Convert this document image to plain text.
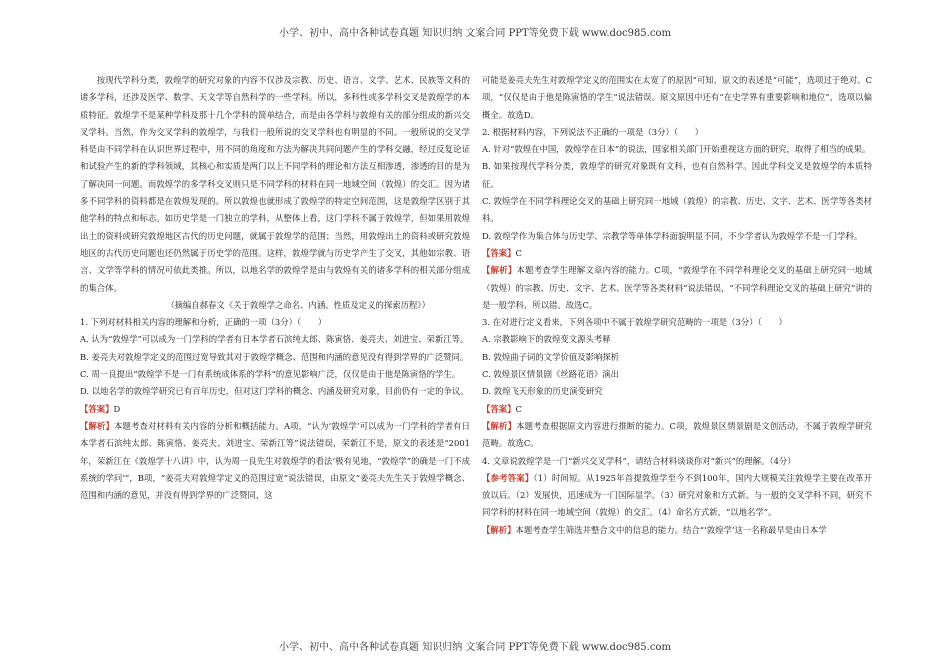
小学、初中、高中各种试卷真题 知识归纳 文案合同 PPT等免费下载 www.doc985.com

按现代学科分类，敦煌学的研究对象的内容不仅涉及宗教、历史、语言、文学、艺术、民族等文科的诸多学科，还涉及医学、数学、天文学等自然科学的一些学科。所以，多科性或多学科交叉是敦煌学的本质特征。敦煌学不是某种学科及那十几个学科的简单结合，而是由各学科与敦煌有关的部分组成的新兴交叉学科。当然，作为交叉学科的敦煌学，与我们一般所说的交叉学科也有明显的不同。一般所说的交叉学科是由不同学科在认识世界过程中，用不同的角度和方法为解决共同问题产生的学科交融，经过反复论证和试验产生的新的学科领域，其核心和实质是两门以上不同学科的理论和方法互相渗透，渗透的目的是为了解决同一问题。而敦煌学的多学科交叉则只是不同学科的材料在同一地域空间（敦煌）的交汇。因为诸多不同学科的资料都是在敦煌发现的。所以敦煌也就形成了敦煌学的特定空间范围，这是敦煌学区别于其他学科的特点和标志。如历史学是一门独立的学科，从整体上看，这门学科不属于敦煌学，但如果用敦煌出土的资料或研究敦煌地区古代的历史问题，就属于敦煌学的范围；当然，用敦煌出土的资料或研究敦煌地区的古代历史问题也还仍然属于历史学的范围。这样，敦煌学就与历史学产生了交叉，其他如宗教、语言、文学等学科的情况可依此类推。所以，以地名学的敦煌学是由与敦煌有关的诸多学科的相关部分组成的集合体。

（摘编自郝春文《关于敦煌学之命名、内涵、性质及定义的探索历程》）

1. 下列对材料相关内容的理解和分析，正确的一项（3分）（　　）

A. 认为“敦煌学”可以成为一门学科的学者有日本学者石滨纯太郎、陈寅恪、姜亮夫、刘进宝、荣新江等。

B. 姜亮夫对敦煌学定义的范围过宽导致其对于敦煌学概念、范围和内涵的意见没有得到学界的广泛赞同。

C. 周一良提出“敦煌学不是一门有系统成体系的学科”的意见影响广泛，仅仅是由于他是陈寅恪的学生。

D. 以地名学的敦煌学研究已有百年历史，但对这门学科的概念、内涵及研究对象，目前仍有一定的争议。

【答案】D

【解析】本题考查对材料有关内容的分析和概括能力。A项，“认为‘敦煌学’可以成为一门学科的学者有日本学者石滨纯太郎、陈寅恪、姜亮夫、刘进宝、荣新江等”说法错误，荣新江不是，原文的表述是“2001年，荣新江在《敦煌学十八讲》中，认为周一良先生对敦煌学的看法‘极有见地，“敦煌学”的确是一门不成系统的学问’”，B项，“姜亮夫对敦煌学定义的范围过宽”说法错误，由原文“姜亮夫先生关于敦煌学概念、范围和内涵的意见，并没有得到学界的广泛赞同，这

可能是姜亮夫先生对敦煌学定义的范围实在太宽了的原因”可知，原文的表述是“可能”，选项过于绝对。C项，“仅仅是由于他是陈寅恪的学生”说法错误。原文原因中还有“在史学界有重要影响和地位”，选项以偏概全。故选D。

2. 根据材料内容，下列说法不正确的一项是（3分）（　　）

A. 针对“敦煌在中国，敦煌学在日本”的说法，国家相关部门开始重视这方面的研究，取得了相当的成果。

B. 如果按现代学科分类，敦煌学的研究对象既有文科，也有自然科学。因此学科交叉是敦煌学的本质特征。

C. 敦煌学在不同学科理论交叉的基础上研究同一地域（敦煌）的宗教、历史、文字、艺术、医学等各类材料。

D. 敦煌学作为集合体与历史学、宗教学等单体学科面貌明显不同，不少学者认为敦煌学不是一门学科。

【答案】C

【解析】本题考查学生理解文章内容的能力。C项，“敦煌学在不同学科理论交叉的基础上研究同一地域（敦煌）的宗教、历史、文字、艺术、医学等各类材料”说法错误，“不同学科理论交叉的基础上研究”讲的是一般学科，所以错。故选C。

3. 在对进行定义看来，下列各项中不属于敦煌学研究范畴的一项是（3分）（　　）

A. 宗教影响下的敦煌变文源头考释

B. 敦煌曲子词的文学价值及影响探析

C. 敦煌景区情景剧《丝路花语》演出

D. 敦煌飞天形象的历史演变研究

【答案】C

【解析】本题考查根据原文内容进行推断的能力。C项，敦煌景区情景剧是文创活动，不属于敦煌学研究范畴。故选C。

4. 文章说敦煌学是一门“新兴交叉学科”，请结合材料谈谈你对“新兴”的理解。（4分）

【参考答案】（1）时间短。从1925年首提敦煌学至今不到100年，国内大规模关注敦煌学主要在改革开放以后。（2）发展快，迅速成为一门国际显学。（3）研究对象和方式新。与一般的交叉学科不同，研究不同学科的材料在同一地域空间（敦煌）的交汇。（4）命名方式新，“以地名学”。

【解析】本题考查学生筛选并整合文中的信息的能力。结合“‘敦煌学’这一名称最早是由日本学

小学、初中、高中各种试卷真题 知识归纳 文案合同 PPT等免费下载 www.doc985.com
